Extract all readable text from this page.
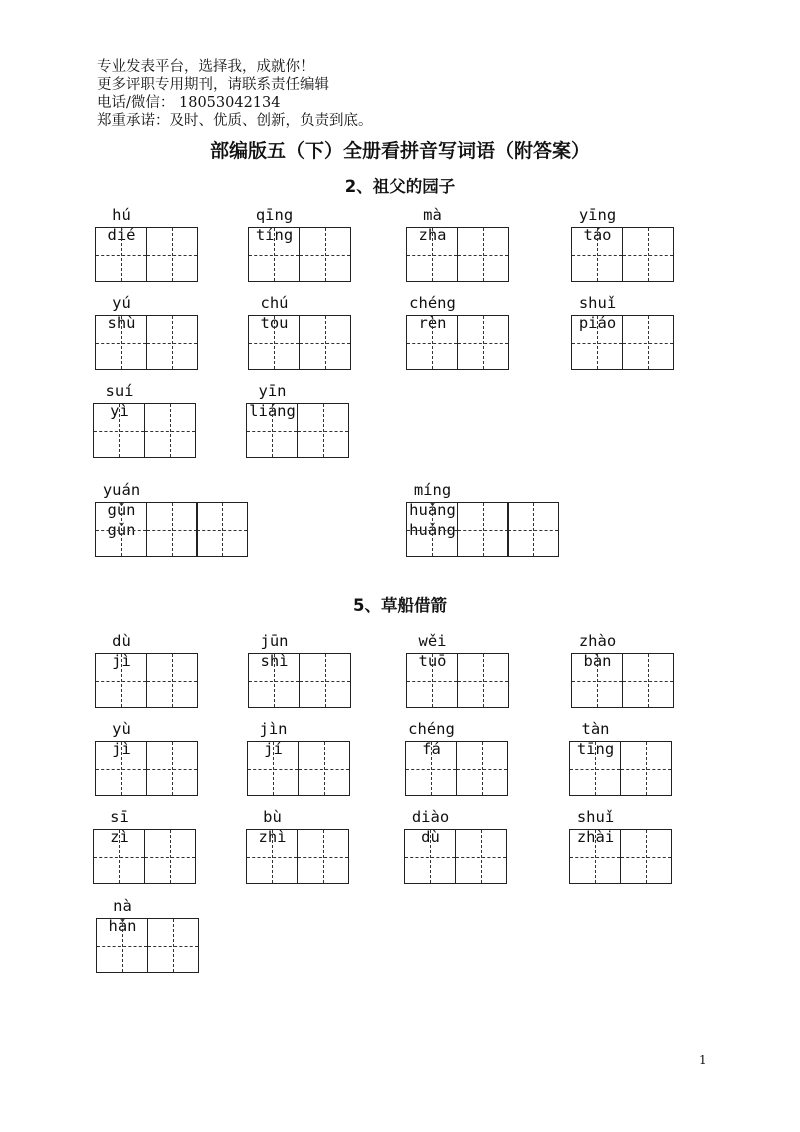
专业发表平台，选择我，成就你！
更多评职专用期刊，请联系责任编辑
电话/微信： 18053042134
郑重承诺：及时、优质、创新，负责到底。
部编版五（下）全册看拼音写词语（附答案）
2、祖父的园子
5、草船借箭
húdié
qīngtíng
màzha
yīngtáo
yúshù
chútou
chéngrèn
shuǐpiáo
suíyì
yīnliáng
yuángǔngǔn
mínghuǎnghuǎng
dùjì
jūnshì
wěituō
zhàobàn
yùjì
jìnjí
chéngfá
tàntīng
sīzì
bùzhì
diàodù
shuǐzhài
nàhǎn
1
